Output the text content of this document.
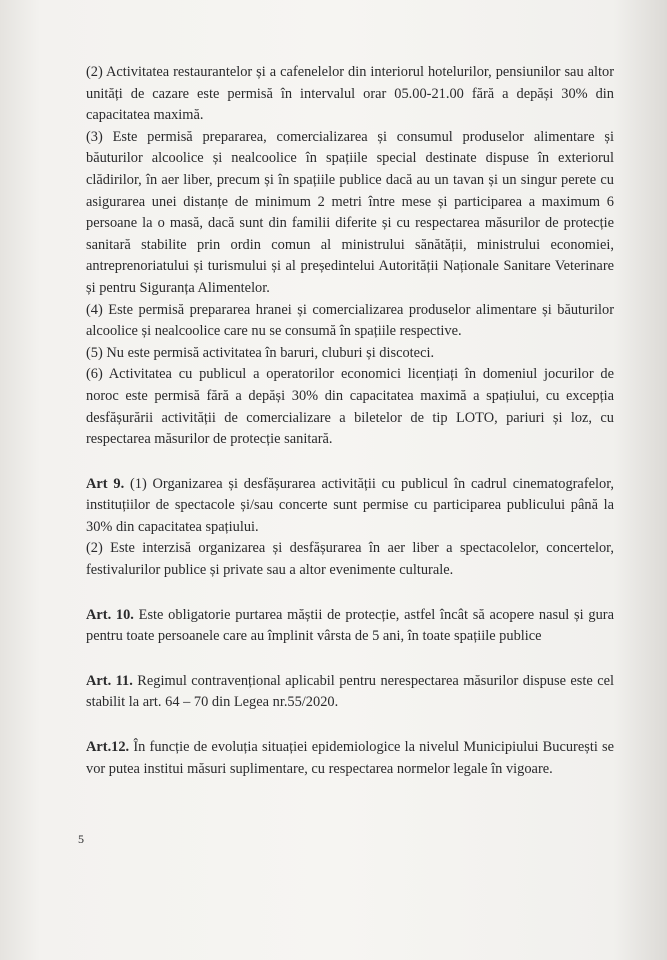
(2) Activitatea restaurantelor și a cafenelelor din interiorul hotelurilor, pensiunilor sau altor unități de cazare este permisă în intervalul orar 05.00-21.00 fără a depăși 30% din capacitatea maximă.

(3) Este permisă prepararea, comercializarea și consumul produselor alimentare și băuturilor alcoolice și nealcoolice în spațiile special destinate dispuse în exteriorul clădirilor, în aer liber, precum și în spațiile publice dacă au un tavan și un singur perete cu asigurarea unei distanțe de minimum 2 metri între mese și participarea a maximum 6 persoane la o masă, dacă sunt din familii diferite și cu respectarea măsurilor de protecție sanitară stabilite prin ordin comun al ministrului sănătății, ministrului economiei, antreprenoriatului și turismului și al președintelui Autorității Naționale Sanitare Veterinare și pentru Siguranța Alimentelor.

(4) Este permisă prepararea hranei și comercializarea produselor alimentare și băuturilor alcoolice și nealcoolice care nu se consumă în spațiile respective.

(5) Nu este permisă activitatea în baruri, cluburi și discoteci.

(6) Activitatea cu publicul a operatorilor economici licențiați în domeniul jocurilor de noroc este permisă fără a depăși 30% din capacitatea maximă a spațiului, cu excepția desfășurării activității de comercializare a biletelor de tip LOTO, pariuri și loz, cu respectarea măsurilor de protecție sanitară.

Art 9. (1) Organizarea și desfășurarea activității cu publicul în cadrul cinematografelor, instituțiilor de spectacole și/sau concerte sunt permise cu participarea publicului până la 30% din capacitatea spațiului.

(2) Este interzisă organizarea și desfășurarea în aer liber a spectacolelor, concertelor, festivalurilor publice și private sau a altor evenimente culturale.

Art. 10. Este obligatorie purtarea măștii de protecție, astfel încât să acopere nasul și gura pentru toate persoanele care au împlinit vârsta de 5 ani, în toate spațiile publice

Art. 11. Regimul contravențional aplicabil pentru nerespectarea măsurilor dispuse este cel stabilit la art. 64 – 70 din Legea nr.55/2020.

Art.12. În funcție de evoluția situației epidemiologice la nivelul Municipiului București se vor putea institui măsuri suplimentare, cu respectarea normelor legale în vigoare.

5
